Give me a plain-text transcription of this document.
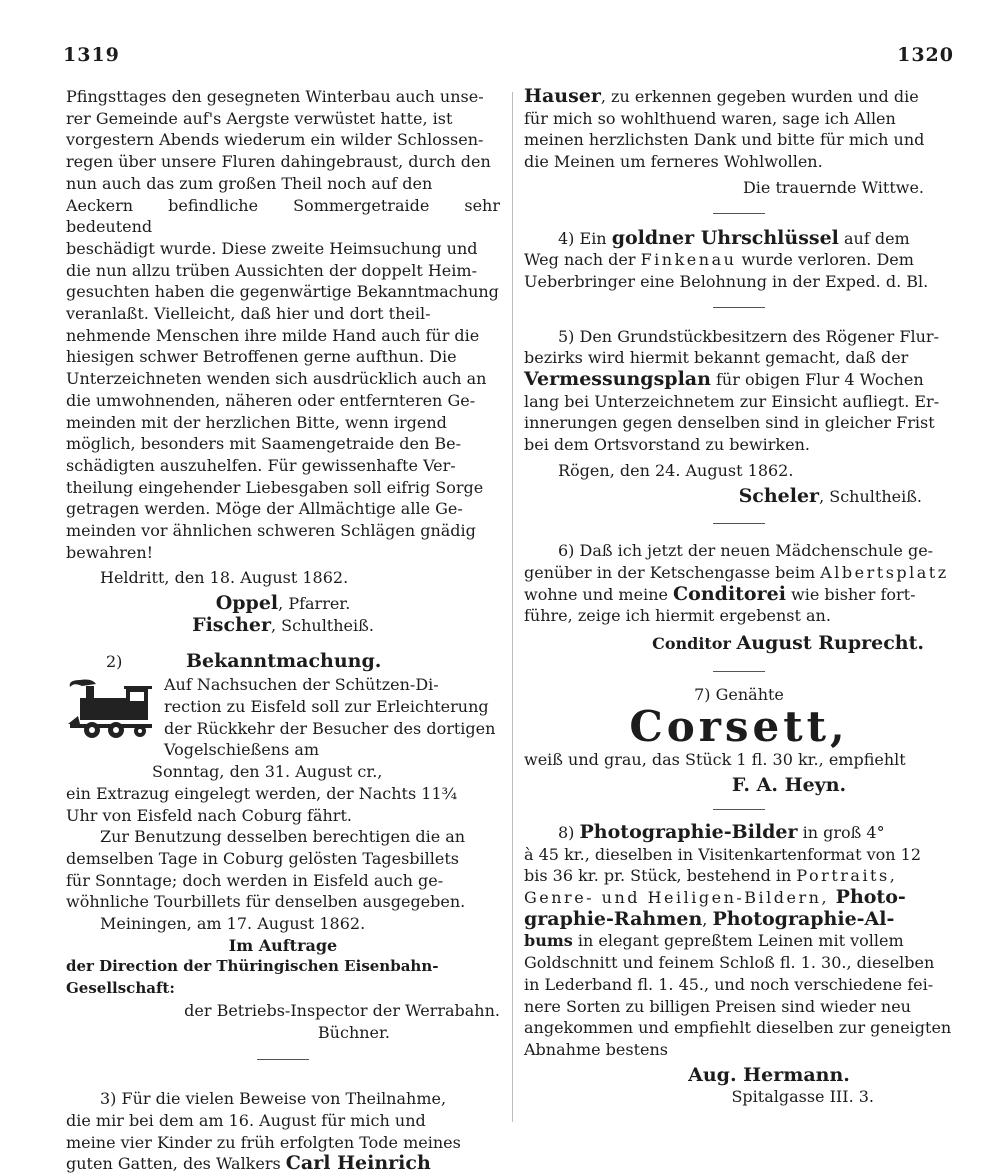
1319	1320

Pfingsttages den gesegneten Winterbau auch unse-

rer Gemeinde auf's Aergste verwüstet hatte, ist

vorgestern Abends wiederum ein wilder Schlossen-

regen über unsere Fluren dahingebraust, durch den

nun auch das zum großen Theil noch auf den

Aeckern befindliche Sommergetraide sehr bedeutend

beschädigt wurde. Diese zweite Heimsuchung und

die nun allzu trüben Aussichten der doppelt Heim-

gesuchten haben die gegenwärtige Bekanntmachung

veranlaßt. Vielleicht, daß hier und dort theil-

nehmende Menschen ihre milde Hand auch für die

hiesigen schwer Betroffenen gerne aufthun. Die

Unterzeichneten wenden sich ausdrücklich auch an

die umwohnenden, näheren oder entfernteren Ge-

meinden mit der herzlichen Bitte, wenn irgend

möglich, besonders mit Saamengetraide den Be-

schädigten auszuhelfen. Für gewissenhafte Ver-

theilung eingehender Liebesgaben soll eifrig Sorge

getragen werden. Möge der Allmächtige alle Ge-

meinden vor ähnlichen schweren Schlägen gnädig

bewahren!

Heldritt, den 18. August 1862.

Oppel, Pfarrer.

Fischer, Schultheiß.

2)	Bekanntmachung.

Auf Nachsuchen der Schützen-Di-

rection zu Eisfeld soll zur Erleichterung

der Rückkehr der Besucher des dortigen

Vogelschießens am

Sonntag, den 31. August cr.,

ein Extrazug eingelegt werden, der Nachts 11¾

Uhr von Eisfeld nach Coburg fährt.

Zur Benutzung desselben berechtigen die an

demselben Tage in Coburg gelösten Tagesbillets

für Sonntage; doch werden in Eisfeld auch ge-

wöhnliche Tourbillets für denselben ausgegeben.

Meiningen, am 17. August 1862.

Im Auftrage

der Direction der Thüringischen Eisenbahn-Gesellschaft:

der Betriebs-Inspector der Werrabahn.

Büchner.

3) Für die vielen Beweise von Theilnahme,

die mir bei dem am 16. August für mich und

meine vier Kinder zu früh erfolgten Tode meines

guten Gatten, des Walkers Carl Heinrich

Hauser, zu erkennen gegeben wurden und die

für mich so wohlthuend waren, sage ich Allen

meinen herzlichsten Dank und bitte für mich und

die Meinen um ferneres Wohlwollen.

Die trauernde Wittwe.

4) Ein goldner Uhrschlüssel auf dem

Weg nach der Finkenau wurde verloren. Dem

Ueberbringer eine Belohnung in der Exped. d. Bl.

5) Den Grundstückbesitzern des Rögener Flur-

bezirks wird hiermit bekannt gemacht, daß der

Vermessungsplan für obigen Flur 4 Wochen

lang bei Unterzeichnetem zur Einsicht aufliegt. Er-

innerungen gegen denselben sind in gleicher Frist

bei dem Ortsvorstand zu bewirken.

Rögen, den 24. August 1862.

Scheler, Schultheiß.

6) Daß ich jetzt der neuen Mädchenschule ge-

genüber in der Ketschengasse beim Albertsplatz

wohne und meine Conditorei wie bisher fort-

führe, zeige ich hiermit ergebenst an.

Conditor August Ruprecht.

7) Genähte

Corsett,

weiß und grau, das Stück 1 fl. 30 kr., empfiehlt

F. A. Heyn.

8) Photographie-Bilder in groß 4°

à 45 kr., dieselben in Visitenkartenformat von 12

bis 36 kr. pr. Stück, bestehend in Portraits,

Genre- und Heiligen-Bildern, Photo-

graphie-Rahmen, Photographie-Al-

bums in elegant gepreßtem Leinen mit vollem

Goldschnitt und feinem Schloß fl. 1. 30., dieselben

in Lederband fl. 1. 45., und noch verschiedene fei-

nere Sorten zu billigen Preisen sind wieder neu

angekommen und empfiehlt dieselben zur geneigten

Abnahme bestens

Aug. Hermann.

Spitalgasse III. 3.
